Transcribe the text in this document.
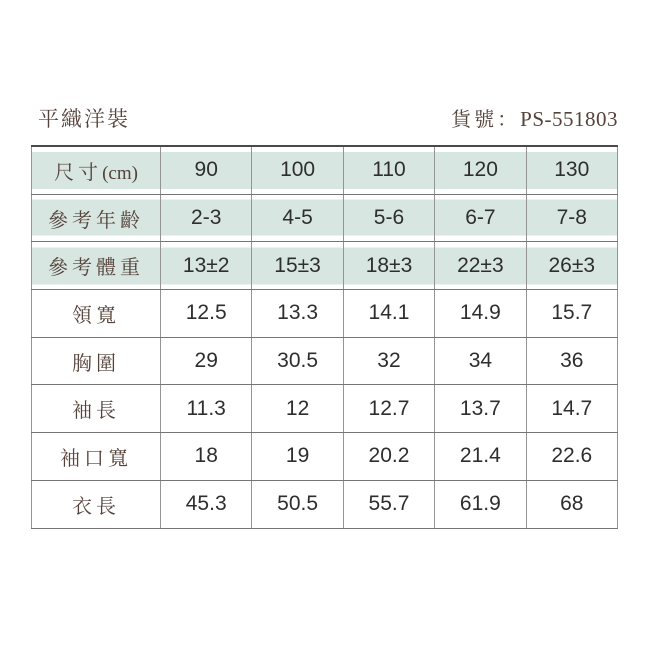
平織洋裝	貨號：PS-551803
尺寸(cm)	90	100	110	120	130
參考年齡	2-3	4-5	5-6	6-7	7-8
參考體重	13±2	15±3	18±3	22±3	26±3
領寬	12.5	13.3	14.1	14.9	15.7
胸圍	29	30.5	32	34	36
袖長	11.3	12	12.7	13.7	14.7
袖口寬	18	19	20.2	21.4	22.6
衣長	45.3	50.5	55.7	61.9	68
